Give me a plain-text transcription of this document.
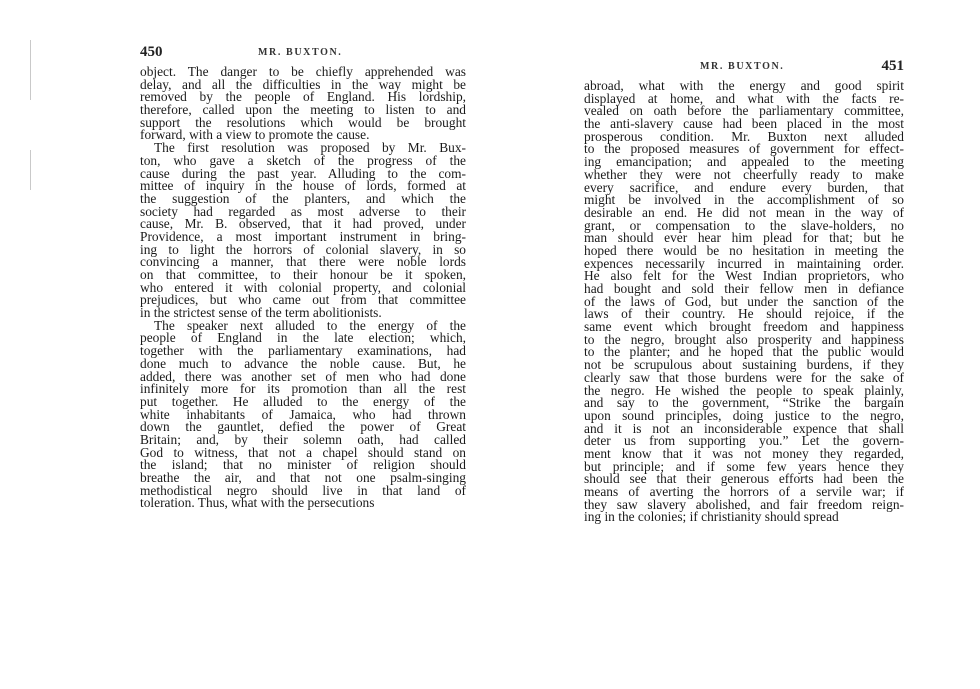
450	MR. BUXTON.
object. The danger to be chiefly apprehended was
delay, and all the difficulties in the way might be
removed by the people of England. His lordship,
therefore, called upon the meeting to listen to and
support the resolutions which would be brought
forward, with a view to promote the cause.
The first resolution was proposed by Mr. Bux-
ton, who gave a sketch of the progress of the
cause during the past year. Alluding to the com-
mittee of inquiry in the house of lords, formed at
the suggestion of the planters, and which the
society had regarded as most adverse to their
cause, Mr. B. observed, that it had proved, under
Providence, a most important instrument in bring-
ing to light the horrors of colonial slavery, in so
convincing a manner, that there were noble lords
on that committee, to their honour be it spoken,
who entered it with colonial property, and colonial
prejudices, but who came out from that committee
in the strictest sense of the term abolitionists.
The speaker next alluded to the energy of the
people of England in the late election; which,
together with the parliamentary examinations, had
done much to advance the noble cause. But, he
added, there was another set of men who had done
infinitely more for its promotion than all the rest
put together. He alluded to the energy of the
white inhabitants of Jamaica, who had thrown
down the gauntlet, defied the power of Great
Britain; and, by their solemn oath, had called
God to witness, that not a chapel should stand on
the island; that no minister of religion should
breathe the air, and that not one psalm-singing
methodistical negro should live in that land of
toleration. Thus, what with the persecutions
MR. BUXTON.	451
abroad, what with the energy and good spirit
displayed at home, and what with the facts re-
vealed on oath before the parliamentary committee,
the anti-slavery cause had been placed in the most
prosperous condition. Mr. Buxton next alluded
to the proposed measures of government for effect-
ing emancipation; and appealed to the meeting
whether they were not cheerfully ready to make
every sacrifice, and endure every burden, that
might be involved in the accomplishment of so
desirable an end. He did not mean in the way of
grant, or compensation to the slave-holders, no
man should ever hear him plead for that; but he
hoped there would be no hesitation in meeting the
expences necessarily incurred in maintaining order.
He also felt for the West Indian proprietors, who
had bought and sold their fellow men in defiance
of the laws of God, but under the sanction of the
laws of their country. He should rejoice, if the
same event which brought freedom and happiness
to the negro, brought also prosperity and happiness
to the planter; and he hoped that the public would
not be scrupulous about sustaining burdens, if they
clearly saw that those burdens were for the sake of
the negro. He wished the people to speak plainly,
and say to the government, “Strike the bargain
upon sound principles, doing justice to the negro,
and it is not an inconsiderable expence that shall
deter us from supporting you.” Let the govern-
ment know that it was not money they regarded,
but principle; and if some few years hence they
should see that their generous efforts had been the
means of averting the horrors of a servile war; if
they saw slavery abolished, and fair freedom reign-
ing in the colonies; if christianity should spread
